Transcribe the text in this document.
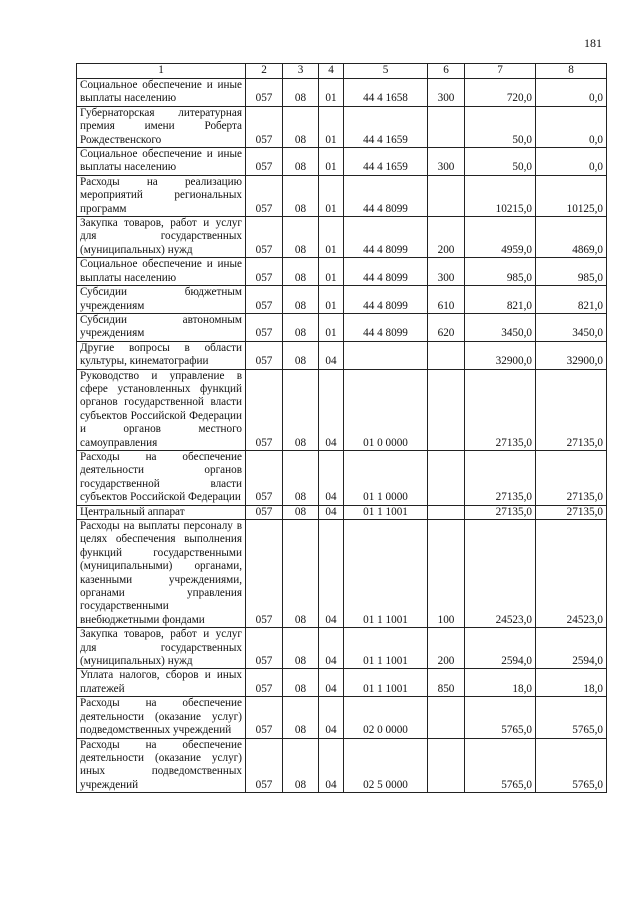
181
1	2	3	4	5	6	7	8
Социальное обеспечение и иные выплаты населению	057	08	01	44 4 1658	300	720,0	0,0
Губернаторская литературная премия имени Роберта Рождественского	057	08	01	44 4 1659		50,0	0,0
Социальное обеспечение и иные выплаты населению	057	08	01	44 4 1659	300	50,0	0,0
Расходы на реализацию мероприятий региональных программ	057	08	01	44 4 8099		10215,0	10125,0
Закупка товаров, работ и услуг для государственных (муниципальных) нужд	057	08	01	44 4 8099	200	4959,0	4869,0
Социальное обеспечение и иные выплаты населению	057	08	01	44 4 8099	300	985,0	985,0
Субсидии бюджетным учреждениям	057	08	01	44 4 8099	610	821,0	821,0
Субсидии автономным учреждениям	057	08	01	44 4 8099	620	3450,0	3450,0
Другие вопросы в области культуры, кинематографии	057	08	04			32900,0	32900,0
Руководство и управление в сфере установленных функций органов государственной власти субъектов Российской Федерации и органов местного самоуправления	057	08	04	01 0 0000		27135,0	27135,0
Расходы на обеспечение деятельности органов государственной власти субъектов Российской Федерации	057	08	04	01 1 0000		27135,0	27135,0
Центральный аппарат	057	08	04	01 1 1001		27135,0	27135,0
Расходы на выплаты персоналу в целях обеспечения выполнения функций государственными (муниципальными) органами, казенными учреждениями, органами управления государственными внебюджетными фондами	057	08	04	01 1 1001	100	24523,0	24523,0
Закупка товаров, работ и услуг для государственных (муниципальных) нужд	057	08	04	01 1 1001	200	2594,0	2594,0
Уплата налогов, сборов и иных платежей	057	08	04	01 1 1001	850	18,0	18,0
Расходы на обеспечение деятельности (оказание услуг) подведомственных учреждений	057	08	04	02 0 0000		5765,0	5765,0
Расходы на обеспечение деятельности (оказание услуг) иных подведомственных учреждений	057	08	04	02 5 0000		5765,0	5765,0
